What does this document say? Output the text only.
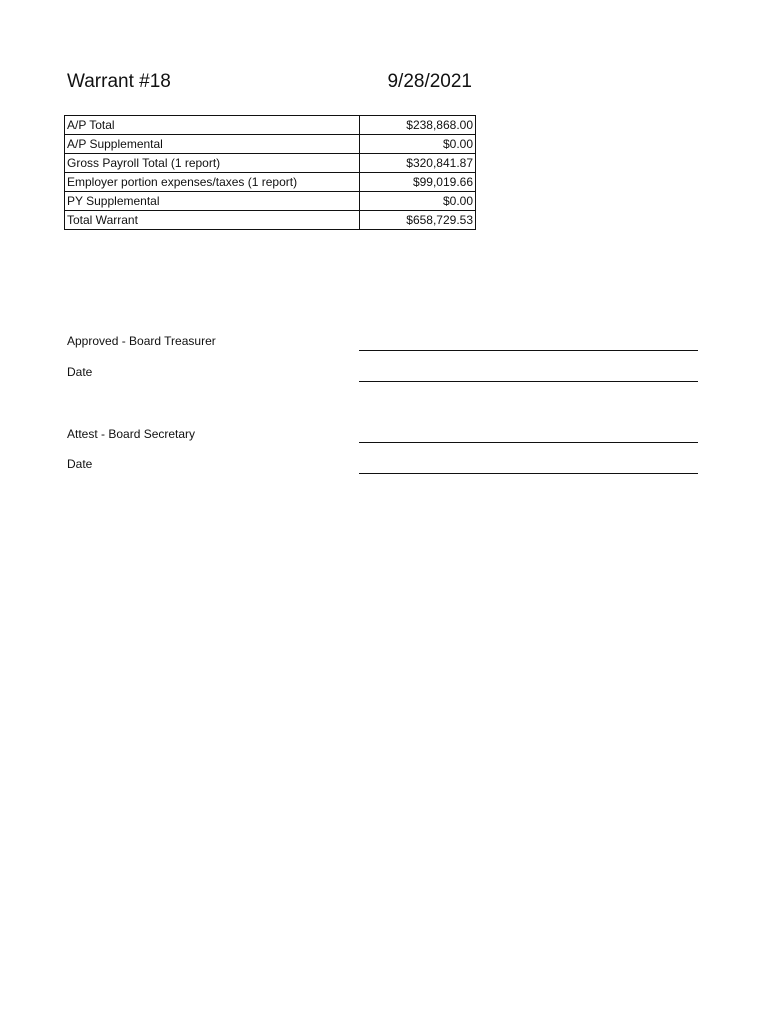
Warrant #18	9/28/2021
A/P Total	$238,868.00
A/P Supplemental	$0.00
Gross Payroll Total (1 report)	$320,841.87
Employer portion expenses/taxes (1 report)	$99,019.66
PY Supplemental	$0.00
Total Warrant	$658,729.53
Approved - Board Treasurer
Date
Attest - Board Secretary
Date
